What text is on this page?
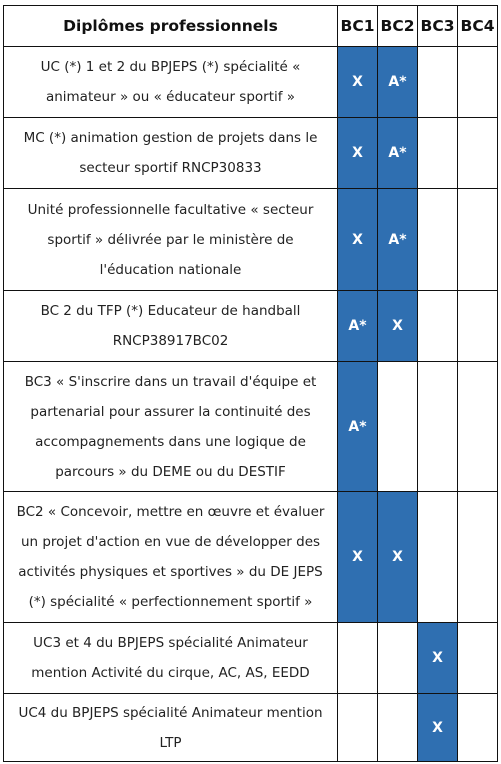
Diplômes professionnels	BC1	BC2	BC3	BC4
UC (*) 1 et 2 du BPJEPS (*) spécialité « animateur » ou « éducateur sportif »	X	A*		
MC (*) animation gestion de projets dans le secteur sportif RNCP30833	X	A*		
Unité professionnelle facultative « secteur sportif » délivrée par le ministère de l'éducation nationale	X	A*		
BC 2 du TFP (*) Educateur de handball RNCP38917BC02	A*	X		
BC3 « S'inscrire dans un travail d'équipe et partenarial pour assurer la continuité des accompagnements dans une logique de parcours » du DEME ou du DESTIF	A*			
BC2 « Concevoir, mettre en œuvre et évaluer un projet d'action en vue de développer des activités physiques et sportives » du DE JEPS (*) spécialité « perfectionnement sportif »	X	X		
UC3 et 4 du BPJEPS spécialité Animateur mention Activité du cirque, AC, AS, EEDD			X	
UC4 du BPJEPS spécialité Animateur mention LTP			X	
